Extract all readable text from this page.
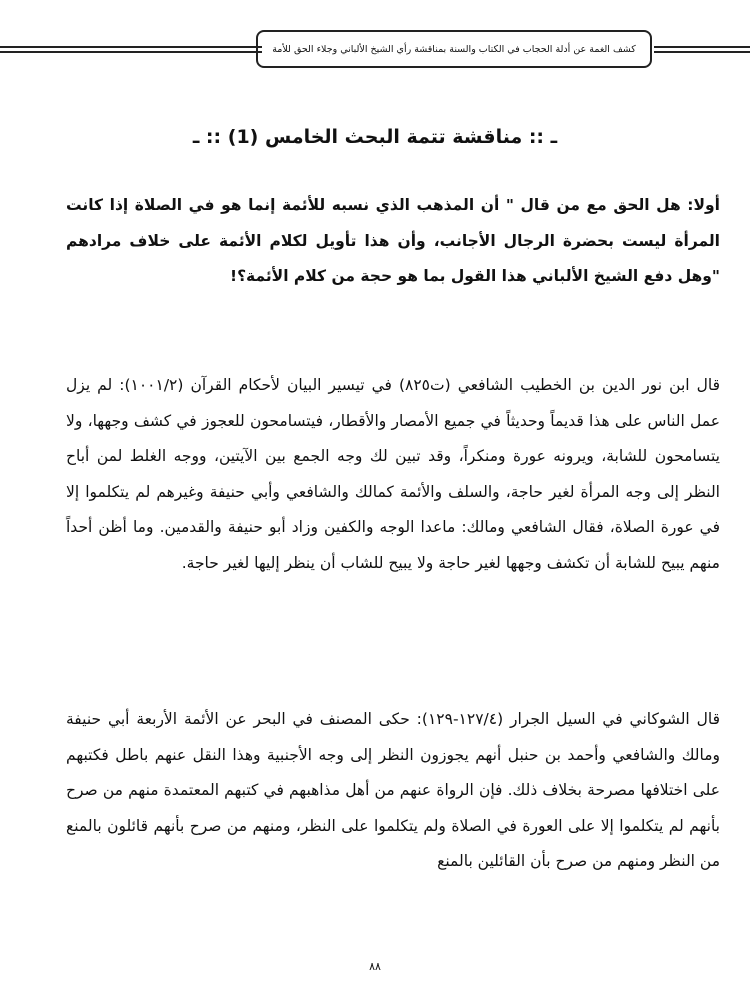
كشف الغمة عن أدلة الحجاب في الكتاب والسنة بمناقشة رأي الشيخ الألباني وجلاء الحق للأمة
ـ :: مناقشة تتمة البحث الخامس (1) :: ـ
أولا: هل الحق مع من قال " أن المذهب الذي نسبه للأئمة إنما هو في الصلاة إذا كانت المرأة ليست بحضرة الرجال الأجانب، وأن هذا تأويل لكلام الأئمة على خلاف مرادهم "وهل دفع الشيخ الألباني هذا القول بما هو حجة من كلام الأئمة؟!
قال ابن نور الدين بن الخطيب الشافعي (ت٨٢٥) في تيسير البيان لأحكام القرآن (١٠٠١/٢): لم يزل عمل الناس على هذا قديماً وحديثاً في جميع الأمصار والأقطار، فيتسامحون للعجوز في كشف وجهها، ولا يتسامحون للشابة، ويرونه عورة ومنكراً، وقد تبين لك وجه الجمع بين الآيتين، ووجه الغلط لمن أباح النظر إلى وجه المرأة لغير حاجة، والسلف والأئمة كمالك والشافعي وأبي حنيفة وغيرهم لم يتكلموا إلا في عورة الصلاة، فقال الشافعي ومالك: ماعدا الوجه والكفين وزاد أبو حنيفة والقدمين. وما أظن أحداً منهم يبيح للشابة أن تكشف وجهها لغير حاجة ولا يبيح للشاب أن ينظر إليها لغير حاجة.
قال الشوكاني في السيل الجرار (١٢٧/٤-١٢٩): حكى المصنف في البحر عن الأئمة الأربعة أبي حنيفة ومالك والشافعي وأحمد بن حنبل أنهم يجوزون النظر إلى وجه الأجنبية وهذا النقل عنهم باطل فكتبهم على اختلافها مصرحة بخلاف ذلك. فإن الرواة عنهم من أهل مذاهبهم في كتبهم المعتمدة منهم من صرح بأنهم لم يتكلموا إلا على العورة في الصلاة ولم يتكلموا على النظر، ومنهم من صرح بأنهم قائلون بالمنع من النظر ومنهم من صرح بأن القائلين بالمنع
٨٨
